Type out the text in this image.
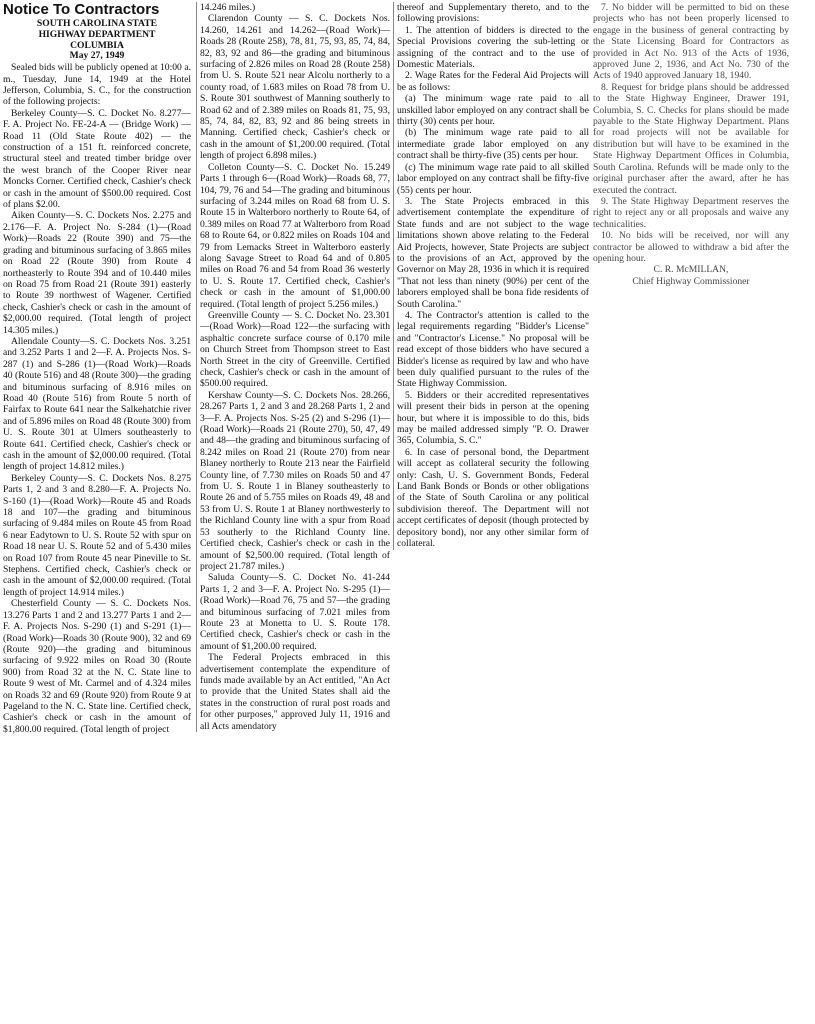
Notice To Contractors
SOUTH CAROLINA STATE
HIGHWAY DEPARTMENT
COLUMBIA
May 27, 1949

Sealed bids will be publicly opened at 10:00 a. m., Tuesday, June 14, 1949 at the Hotel Jefferson, Columbia, S. C., for the construction of the following projects:

Berkeley County—S. C. Docket No. 8.277—F. A. Project No. FE-24-A — (Bridge Work) — Road 11 (Old State Route 402) — the construction of a 151 ft. reinforced concrete, structural steel and treated timber bridge over the west branch of the Cooper River near Moncks Corner. Certified check, Cashier's check or cash in the amount of $500.00 required. Cost of plans $2.00.

Aiken County—S. C. Dockets Nos. 2.275 and 2.176—F. A. Project No. S-284 (1)—(Road Work)—Roads 22 (Route 390) and 75—the grading and bituminous surfacing of 3.865 miles on Road 22 (Route 390) from Route 4 northeasterly to Route 394 and of 10.440 miles on Road 75 from Road 21 (Route 391) easterly to Route 39 northwest of Wagener. Certified check, Cashier's check or cash in the amount of $2,000.00 required. (Total length of project 14.305 miles.)

Allendale County—S. C. Dockets Nos. 3.251 and 3.252 Parts 1 and 2—F. A. Projects Nos. S-287 (1) and S-286 (1)—(Road Work)—Roads 40 (Route 516) and 48 (Route 300)—the grading and bituminous surfacing of 8.916 miles on Road 40 (Route 516) from Route 5 north of Fairfax to Route 641 near the Salkehatchie river and of 5.896 miles on Road 48 (Route 300) from U. S. Route 301 at Ulmers southeasterly to Route 641. Certified check, Cashier's check or cash in the amount of $2,000.00 required. (Total length of project 14.812 miles.)

Berkeley County—S. C. Dockets Nos. 8.275 Parts 1, 2 and 3 and 8.280—F. A. Projects No. S-160 (1)—(Road Work)—Route 45 and Roads 18 and 107—the grading and bituminous surfacing of 9.484 miles on Route 45 from Road 6 near Eadytown to U. S. Route 52 with spur on Road 18 near U. S. Route 52 and of 5.430 miles on Road 107 from Route 45 near Pineville to St. Stephens. Certified check, Cashier's check or cash in the amount of $2,000.00 required. (Total length of project 14.914 miles.)

Chesterfield County — S. C. Dockets Nos. 13.276 Parts 1 and 2 and 13.277 Parts 1 and 2—F. A. Projects Nos. S-290 (1) and S-291 (1)—(Road Work)—Roads 30 (Route 900), 32 and 69 (Route 920)—the grading and bituminous surfacing of 9.922 miles on Road 30 (Route 900) from Road 32 at the N. C. State line to Route 9 west of Mt. Carmel and of 4.324 miles on Roads 32 and 69 (Route 920) from Route 9 at Pageland to the N. C. State line. Certified check, Cashier's check or cash in the amount of $1,800.00 required. (Total length of project

14.246 miles.)

Clarendon County — S. C. Dockets Nos. 14.260, 14.261 and 14.262—(Road Work)—Roads 28 (Route 258), 78, 81, 75, 93, 85, 74, 84, 82, 83, 92 and 86—the grading and bituminous surfacing of 2.826 miles on Road 28 (Route 258) from U. S. Route 521 near Alcolu northerly to a county road, of 1.683 miles on Road 78 from U. S. Route 301 southwest of Manning southerly to Road 62 and of 2.389 miles on Roads 81, 75, 93, 85, 74, 84, 82, 83, 92 and 86 being streets in Manning. Certified check, Cashier's check or cash in the amount of $1,200.00 required. (Total length of project 6.898 miles.)

Colleton County—S. C. Docket No. 15.249 Parts 1 through 6—(Road Work)—Roads 68, 77, 104, 79, 76 and 54—The grading and bituminous surfacing of 3.244 miles on Road 68 from U. S. Route 15 in Walterboro northerly to Route 64, of 0.389 miles on Road 77 at Walterboro from Road 68 to Route 64, or 0.822 miles on Roads 104 and 79 from Lemacks Street in Walterboro easterly along Savage Street to Road 64 and of 0.805 miles on Road 76 and 54 from Road 36 westerly to U. S. Route 17. Certified check, Cashier's check or cash in the amount of $1,000.00 required. (Total length of project 5.256 miles.)

Greenville County — S. C. Docket No. 23.301—(Road Work)—Road 122—the surfacing with asphaltic concrete surface course of 0.170 mile on Church Street from Thompson street to East North Street in the city of Greenville. Certified check, Cashier's check or cash in the amount of $500.00 required.

Kershaw County—S. C. Dockets Nos. 28.266, 28.267 Parts 1, 2 and 3 and 28.268 Parts 1, 2 and 3—F. A. Projects Nos. S-25 (2) and S-296 (1)—(Road Work)—Roads 21 (Route 270), 50, 47, 49 and 48—the grading and bituminous surfacing of 8.242 miles on Road 21 (Route 270) from near Blaney northerly to Route 213 near the Fairfield County line, of 7.730 miles on Roads 50 and 47 from U. S. Route 1 in Blaney southeasterly to Route 26 and of 5.755 miles on Roads 49, 48 and 53 from U. S. Route 1 at Blaney northwesterly to the Richland County line with a spur from Road 53 southerly to the Richland County line. Certified check, Cashier's check or cash in the amount of $2,500.00 required. (Total length of project 21.787 miles.)

Saluda County—S. C. Docket No. 41-244 Parts 1, 2 and 3—F. A. Project No. S-295 (1)—(Road Work)—Road 76, 75 and 57—the grading and bituminous surfacing of 7.021 miles from Route 23 at Monetta to U. S. Route 178. Certified check, Cashier's check or cash in the amount of $1,200.00 required.

The Federal Projects embraced in this advertisement contemplate the expenditure of funds made available by an Act entitled, "An Act to provide that the United States shall aid the states in the construction of rural post roads and for other purposes," approved July 11, 1916 and all Acts amendatory

thereof and Supplementary thereto, and to the following provisions:

1. The attention of bidders is directed to the Special Provisions covering the sub-letting or assigning of the contract and to the use of Domestic Materials.

2. Wage Rates for the Federal Aid Projects will be as follows:

(a) The minimum wage rate paid to all unskilled labor employed on any contract shall be thirty (30) cents per hour.

(b) The minimum wage rate paid to all intermediate grade labor employed on any contract shall be thirty-five (35) cents per hour.

(c) The minimum wage rate paid to all skilled labor employed on any contract shall be fifty-five (55) cents per hour.

3. The State Projects embraced in this advertisement contemplate the expenditure of State funds and are not subject to the wage limitations shown above relating to the Federal Aid Projects, however, State Projects are subject to the provisions of an Act, approved by the Governor on May 28, 1936 in which it is required "That not less than ninety (90%) per cent of the laborers employed shall be bona fide residents of South Carolina."

4. The Contractor's attention is called to the legal requirements regarding "Bidder's License" and "Contractor's License." No proposal will be read except of those bidders who have secured a Bidder's license as required by law and who have been duly qualified pursuant to the rules of the State Highway Commission.

5. Bidders or their accredited representatives will present their bids in person at the opening hour, but where it is impossible to do this, bids may be mailed addressed simply "P. O. Drawer 365, Columbia, S. C."

6. In case of personal bond, the Department will accept as collateral security the following only: Cash, U. S. Government Bonds, Federal Land Bank Bonds or Bonds or other obligations of the State of South Carolina or any political subdivision thereof. The Department will not accept certificates of deposit (though protected by depository bond), nor any other similar form of collateral.

7. No bidder will be permitted to bid on these projects who has not been properly licensed to engage in the business of general contracting by the State Licensing Board for Contractors as provided in Act No. 913 of the Acts of 1936, approved June 2, 1936, and Act No. 730 of the Acts of 1940 approved January 18, 1940.

8. Request for bridge plans should be addressed to the State Highway Engineer, Drawer 191, Columbia, S. C. Checks for plans should be made payable to the State Highway Department. Plans for road projects will not be available for distribution but will have to be examined in the State Highway Department Offices in Columbia, South Carolina. Refunds will be made only to the original purchaser after the award, after he has executed the contract.

9. The State Highway Department reserves the right to reject any or all proposals and waive any technicalities.

10. No bids will be received, nor will any contractor be allowed to withdraw a bid after the opening hour.

C. R. McMILLAN,

Chief Highway Commissioner
